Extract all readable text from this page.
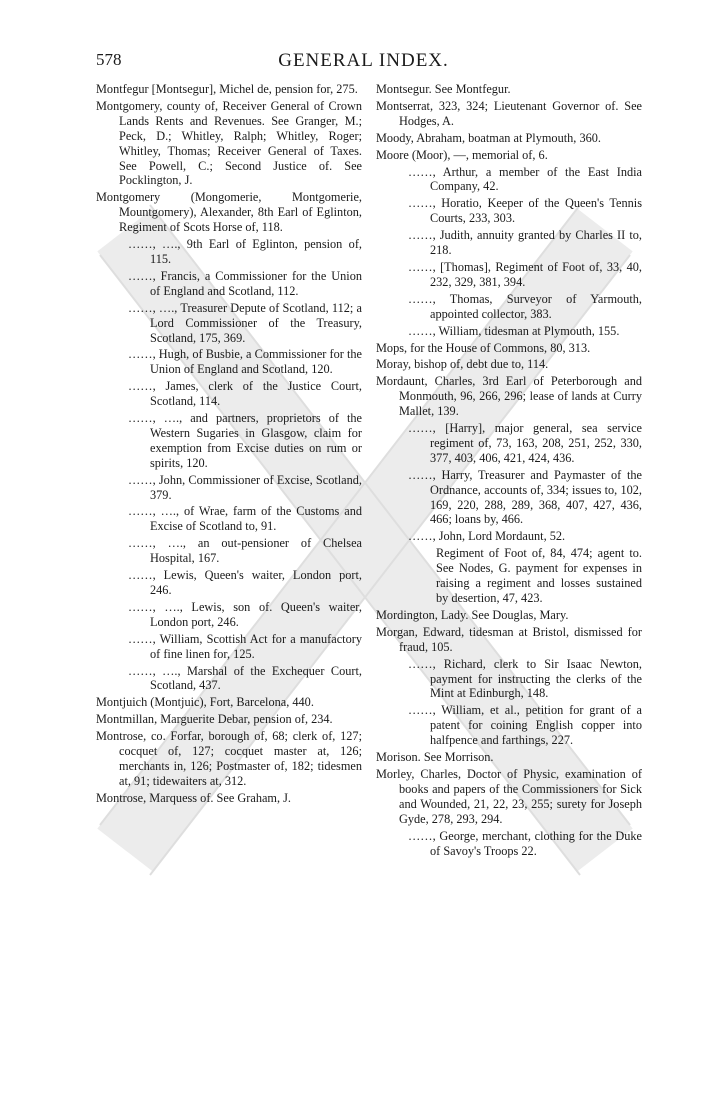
578	GENERAL INDEX.

Montfegur [Montsegur], Michel de, pension for, 275.

Montgomery, county of, Receiver General of Crown Lands Rents and Revenues. See Granger, M.; Peck, D.; Whitley, Ralph; Whitley, Roger; Whitley, Thomas; Receiver General of Taxes. See Powell, C.; Second Justice of. See Pocklington, J.

Montgomery (Mongomerie, Montgomerie, Mountgomery), Alexander, 8th Earl of Eglinton, Regiment of Scots Horse of, 118.

……, …., 9th Earl of Eglinton, pension of, 115.

……, Francis, a Commissioner for the Union of England and Scotland, 112.

……, …., Treasurer Depute of Scotland, 112; a Lord Commissioner of the Treasury, Scotland, 175, 369.

……, Hugh, of Busbie, a Commissioner for the Union of England and Scotland, 120.

……, James, clerk of the Justice Court, Scotland, 114.

……, …., and partners, proprietors of the Western Sugaries in Glasgow, claim for exemption from Excise duties on rum or spirits, 120.

……, John, Commissioner of Excise, Scotland, 379.

……, …., of Wrae, farm of the Customs and Excise of Scotland to, 91.

……, …., an out-pensioner of Chelsea Hospital, 167.

……, Lewis, Queen's waiter, London port, 246.

……, …., Lewis, son of. Queen's waiter, London port, 246.

……, William, Scottish Act for a manufactory of fine linen for, 125.

……, …., Marshal of the Exchequer Court, Scotland, 437.

Montjuich (Montjuic), Fort, Barcelona, 440.

Montmillan, Marguerite Debar, pension of, 234.

Montrose, co. Forfar, borough of, 68; clerk of, 127; cocquet of, 127; cocquet master at, 126; merchants in, 126; Postmaster of, 182; tidesmen at, 91; tidewaiters at, 312.

Montrose, Marquess of. See Graham, J.

Montsegur. See Montfegur.

Montserrat, 323, 324; Lieutenant Governor of. See Hodges, A.

Moody, Abraham, boatman at Plymouth, 360.

Moore (Moor), —, memorial of, 6.

……, Arthur, a member of the East India Company, 42.

……, Horatio, Keeper of the Queen's Tennis Courts, 233, 303.

……, Judith, annuity granted by Charles II to, 218.

……, [Thomas], Regiment of Foot of, 33, 40, 232, 329, 381, 394.

……, Thomas, Surveyor of Yarmouth, appointed collector, 383.

……, William, tidesman at Plymouth, 155.

Mops, for the House of Commons, 80, 313.

Moray, bishop of, debt due to, 114.

Mordaunt, Charles, 3rd Earl of Peterborough and Monmouth, 96, 266, 296; lease of lands at Curry Mallet, 139.

……, [Harry], major general, sea service regiment of, 73, 163, 208, 251, 252, 330, 377, 403, 406, 421, 424, 436.

……, Harry, Treasurer and Paymaster of the Ordnance, accounts of, 334; issues to, 102, 169, 220, 288, 289, 368, 407, 427, 436, 466; loans by, 466.

……, John, Lord Mordaunt, 52.

Regiment of Foot of, 84, 474; agent to. See Nodes, G. payment for expenses in raising a regiment and losses sustained by desertion, 47, 423.

Mordington, Lady. See Douglas, Mary.

Morgan, Edward, tidesman at Bristol, dismissed for fraud, 105.

……, Richard, clerk to Sir Isaac Newton, payment for instructing the clerks of the Mint at Edinburgh, 148.

……, William, et al., petition for grant of a patent for coining English copper into halfpence and farthings, 227.

Morison. See Morrison.

Morley, Charles, Doctor of Physic, examination of books and papers of the Commissioners for Sick and Wounded, 21, 22, 23, 255; surety for Joseph Gyde, 278, 293, 294.

……, George, merchant, clothing for the Duke of Savoy's Troops 22.
